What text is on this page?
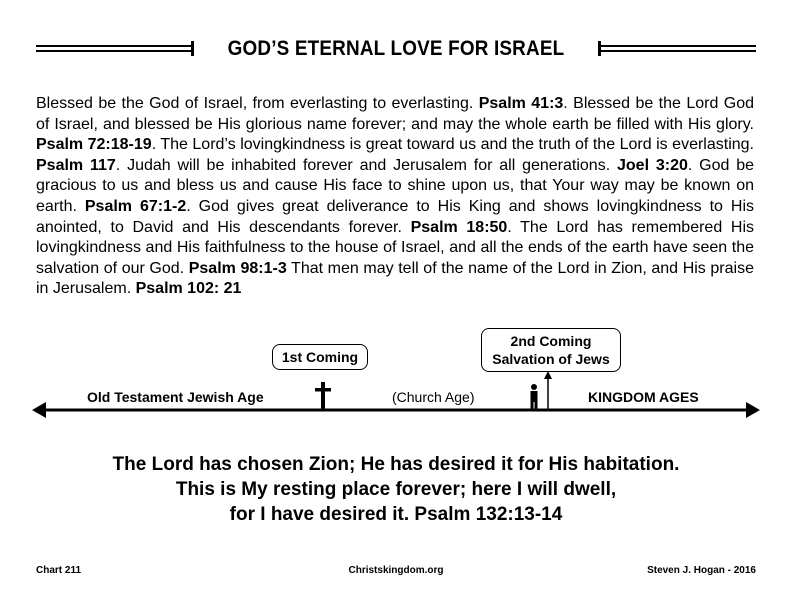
GOD’S ETERNAL LOVE FOR ISRAEL
Blessed be the God of Israel, from everlasting to everlasting. Psalm 41:3. Blessed be the Lord God of Israel, and blessed be His glorious name forever; and may the whole earth be filled with His glory. Psalm 72:18-19. The Lord’s lovingkindness is great toward us and the truth of the Lord is everlasting. Psalm 117. Judah will be inhabited forever and Jerusalem for all generations. Joel 3:20. God be gracious to us and bless us and cause His face to shine upon us, that Your way may be known on earth. Psalm 67:1-2. God gives great deliverance to His King and shows lovingkindness to His anointed, to David and His descendants forever. Psalm 18:50. The Lord has remembered His lovingkindness and His faithfulness to the house of Israel, and all the ends of the earth have seen the salvation of our God. Psalm 98:1-3 That men may tell of the name of the Lord in Zion, and His praise in Jerusalem. Psalm 102: 21
1st Coming
2nd Coming
Salvation of Jews
Old Testament Jewish Age	(Church Age)	KINGDOM AGES
The Lord has chosen Zion; He has desired it for His habitation.
This is My resting place forever; here I will dwell,
for I have desired it. Psalm 132:13-14
Chart 211	Christskingdom.org	Steven J. Hogan - 2016
